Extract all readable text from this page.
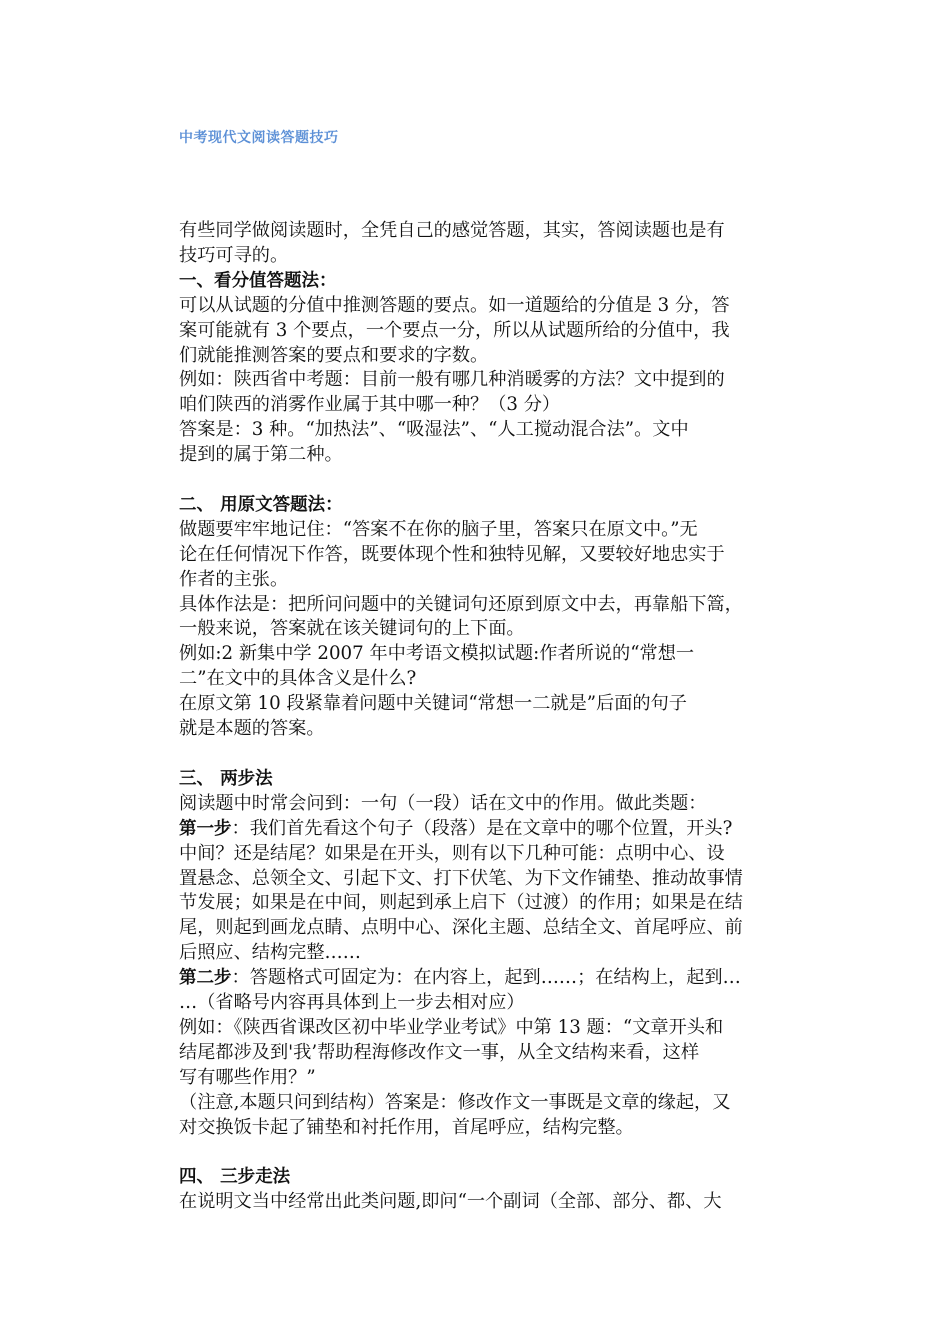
中考现代文阅读答题技巧

有些同学做阅读题时，全凭自己的感觉答题，其实，答阅读题也是有

技巧可寻的。

一、看分值答题法：

可以从试题的分值中推测答题的要点。如一道题给的分值是 3 分，答

案可能就有 3 个要点，一个要点一分，所以从试题所给的分值中，我

们就能推测答案的要点和要求的字数。

例如：陕西省中考题：目前一般有哪几种消暖雾的方法？文中提到的

咱们陕西的消雾作业属于其中哪一种？（3 分）

答案是：3 种。“加热法”、“吸湿法”、“人工搅动混合法”。文中

提到的属于第二种。

二、 用原文答题法：

做题要牢牢地记住：“答案不在你的脑子里，答案只在原文中。”无

论在任何情况下作答，既要体现个性和独特见解，又要较好地忠实于

作者的主张。

具体作法是：把所问问题中的关键词句还原到原文中去，再靠船下篙，

一般来说，答案就在该关键词句的上下面。

例如:2 新集中学 2007 年中考语文模拟试题:作者所说的“常想一

二”在文中的具体含义是什么?

在原文第 10 段紧靠着问题中关键词“常想一二就是”后面的句子

就是本题的答案。

三、 两步法

阅读题中时常会问到：一句（一段）话在文中的作用。做此类题：

第一步：我们首先看这个句子（段落）是在文章中的哪个位置，开头?

中间？还是结尾？如果是在开头，则有以下几种可能：点明中心、设

置悬念、总领全文、引起下文、打下伏笔、为下文作铺垫、推动故事情

节发展；如果是在中间，则起到承上启下（过渡）的作用；如果是在结

尾，则起到画龙点睛、点明中心、深化主题、总结全文、首尾呼应、前

后照应、结构完整……

第二步：答题格式可固定为：在内容上，起到……；在结构上，起到…

…（省略号内容再具体到上一步去相对应）

例如：《陕西省课改区初中毕业学业考试》中第 13 题：“文章开头和

结尾都涉及到'我’帮助程海修改作文一事，从全文结构来看，这样

写有哪些作用？”

（注意,本题只问到结构）答案是：修改作文一事既是文章的缘起，又

对交换饭卡起了铺垫和衬托作用，首尾呼应，结构完整。

四、 三步走法

在说明文当中经常出此类问题,即问“一个副词（全部、部分、都、大
